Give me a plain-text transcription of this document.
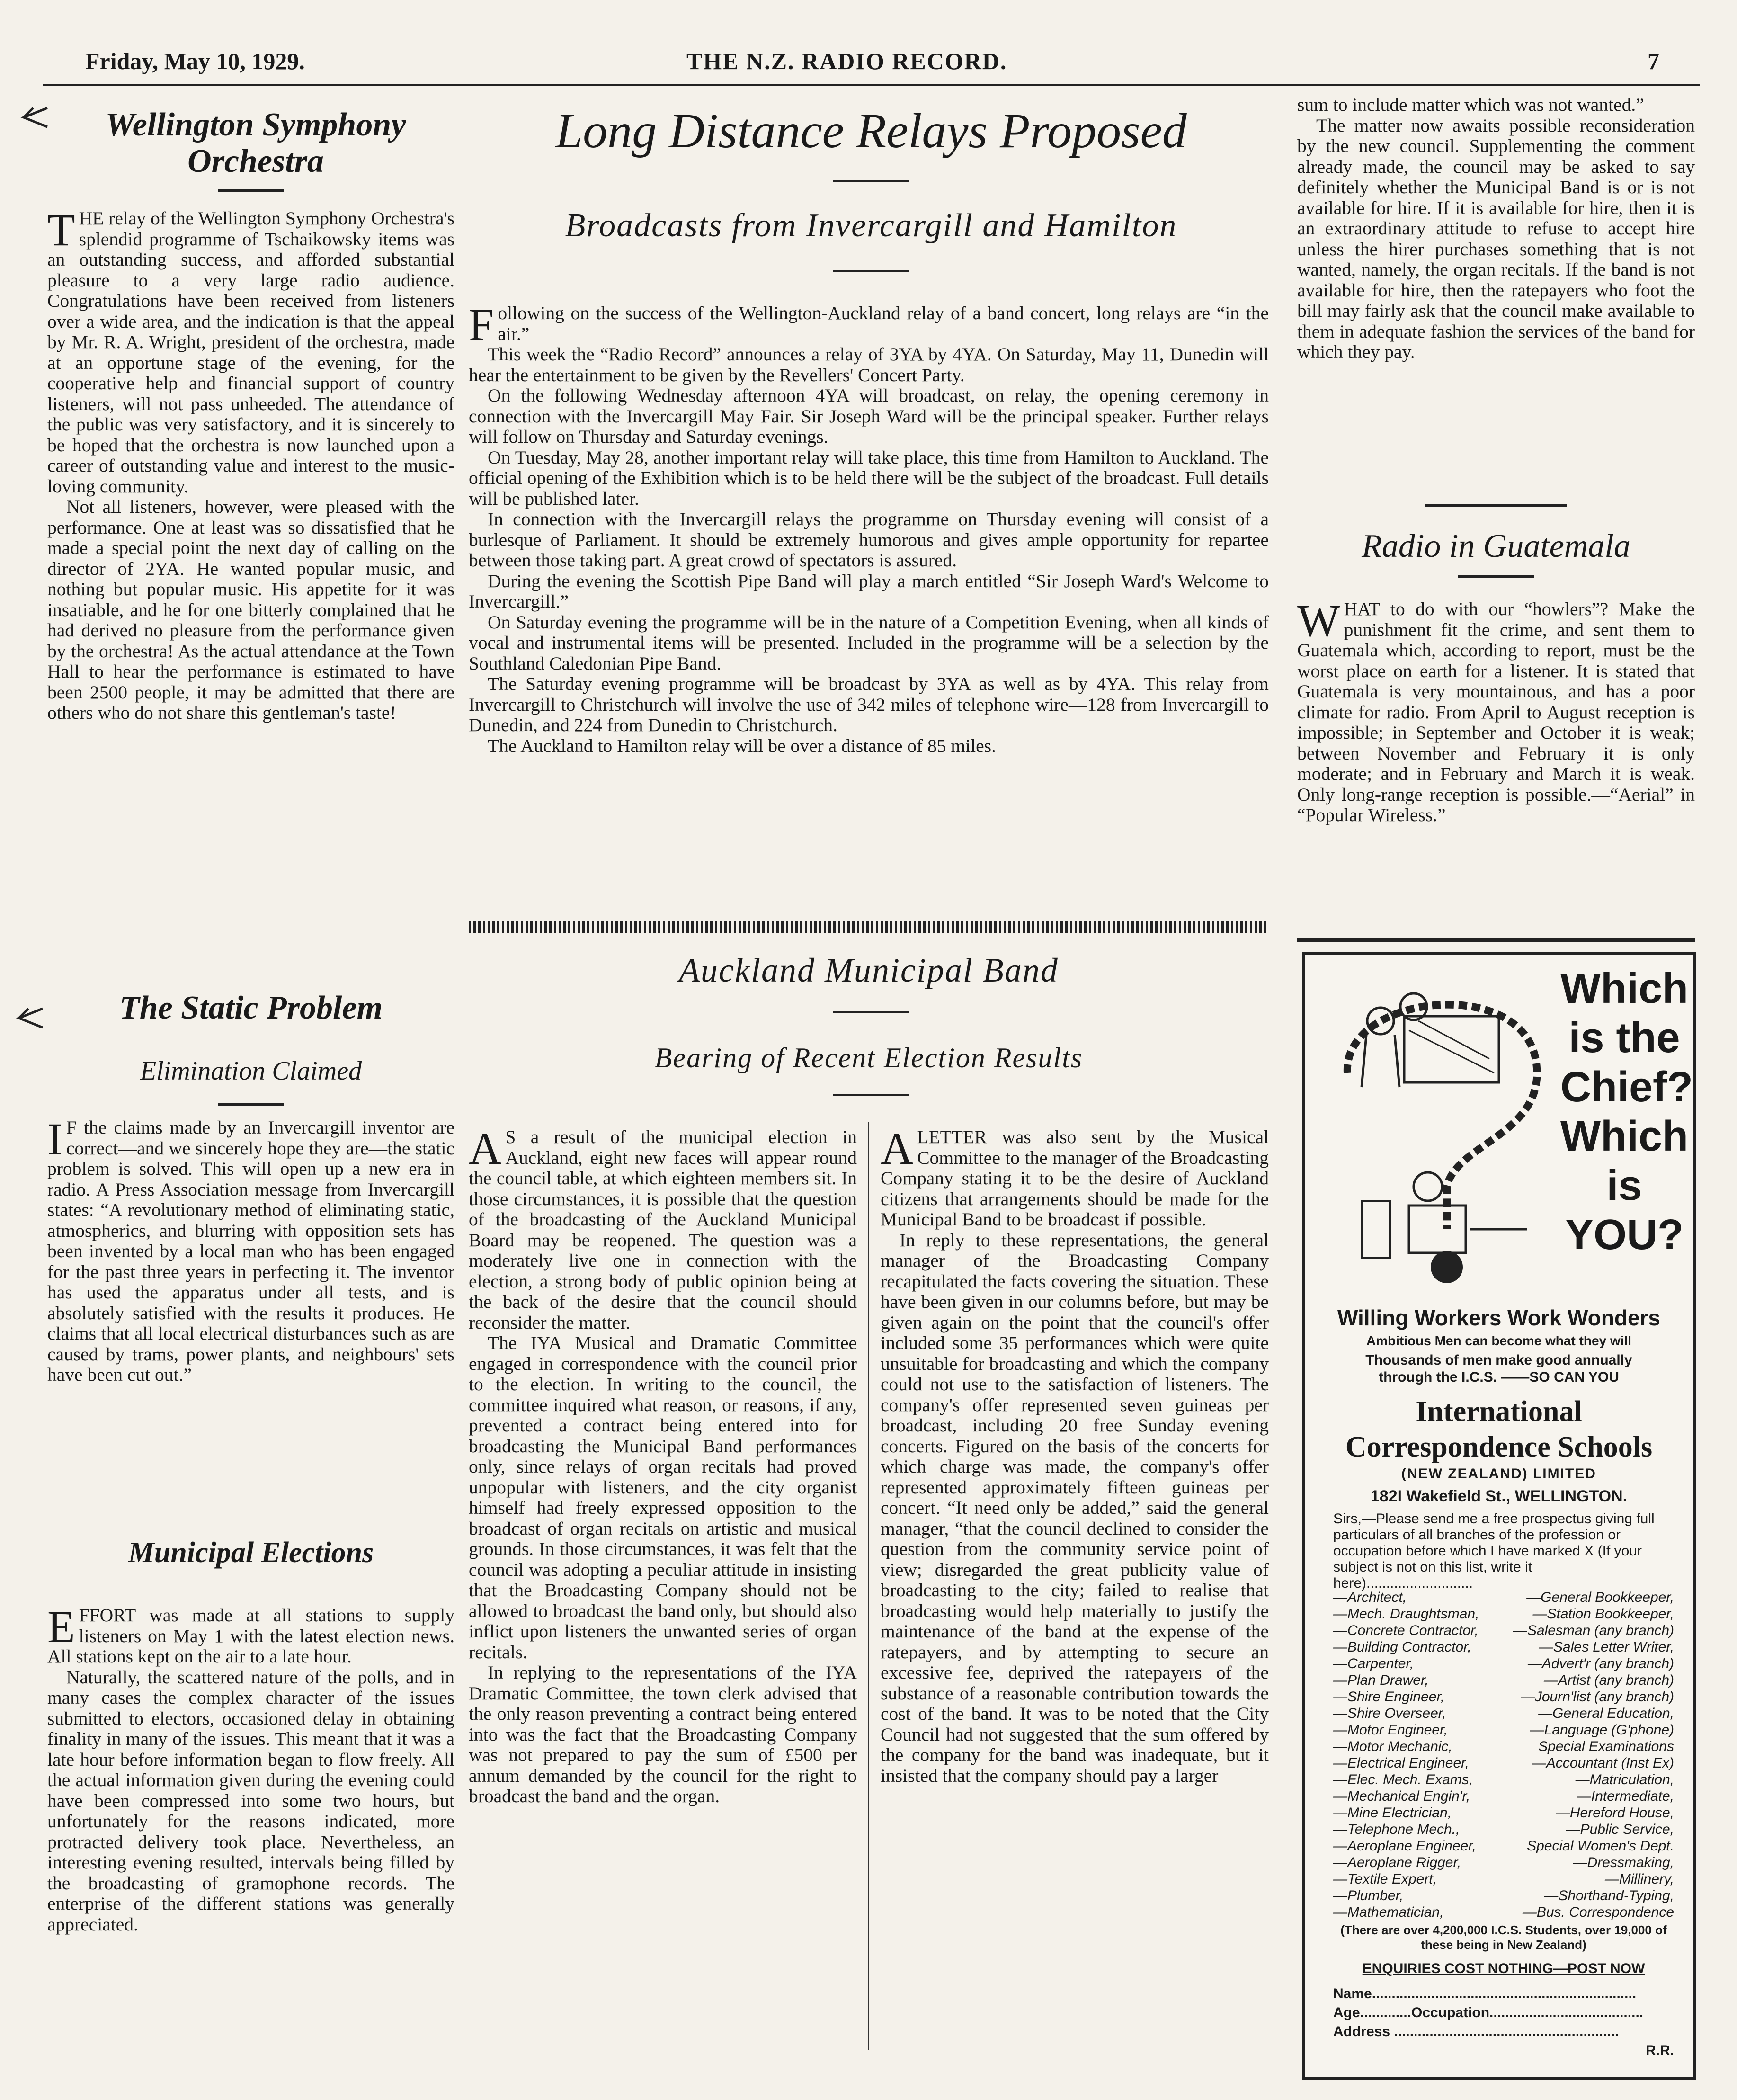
Friday, May 10, 1929.	THE N.Z. RADIO RECORD.	7
Wellington Symphony Orchestra
T HE relay of the Wellington Symphony Orchestra's splendid programme of Tschaikowsky items was an outstanding success, and afforded substantial pleasure to a very large radio audience. Congratulations have been received from listeners over a wide area, and the indication is that the appeal by Mr. R. A. Wright, president of the orchestra, made at an opportune stage of the evening, for the cooperative help and financial support of country listeners, will not pass unheeded. The attendance of the public was very satisfactory, and it is sincerely to be hoped that the orchestra is now launched upon a career of outstanding value and interest to the music-loving community.

Not all listeners, however, were pleased with the performance. One at least was so dissatisfied that he made a special point the next day of calling on the director of 2YA. He wanted popular music, and nothing but popular music. His appetite for it was insatiable, and he for one bitterly complained that he had derived no pleasure from the performance given by the orchestra! As the actual attendance at the Town Hall to hear the performance is estimated to have been 2500 people, it may be admitted that there are others who do not share this gentleman's taste!

The Static Problem
Elimination Claimed
I F the claims made by an Invercargill inventor are correct—and we sincerely hope they are—the static problem is solved. This will open up a new era in radio. A Press Association message from Invercargill states: “A revolutionary method of eliminating static, atmospherics, and blurring with opposition sets has been invented by a local man who has been engaged for the past three years in perfecting it. The inventor has used the apparatus under all tests, and is absolutely satisfied with the results it produces. He claims that all local electrical disturbances such as are caused by trams, power plants, and neighbours' sets have been cut out.”

Municipal Elections
E FFORT was made at all stations to supply listeners on May 1 with the latest election news. All stations kept on the air to a late hour.

Naturally, the scattered nature of the polls, and in many cases the complex character of the issues submitted to electors, occasioned delay in obtaining finality in many of the issues. This meant that it was a late hour before information began to flow freely. All the actual information given during the evening could have been compressed into some two hours, but unfortunately for the reasons indicated, more protracted delivery took place. Nevertheless, an interesting evening resulted, intervals being filled by the broadcasting of gramophone records. The enterprise of the different stations was generally appreciated.

Long Distance Relays Proposed
Broadcasts from Invercargill and Hamilton
F ollowing on the success of the Wellington-Auckland relay of a band concert, long relays are “in the air.”

This week the “Radio Record” announces a relay of 3YA by 4YA. On Saturday, May 11, Dunedin will hear the entertainment to be given by the Revellers' Concert Party.

On the following Wednesday afternoon 4YA will broadcast, on relay, the opening ceremony in connection with the Invercargill May Fair. Sir Joseph Ward will be the principal speaker. Further relays will follow on Thursday and Saturday evenings.

On Tuesday, May 28, another important relay will take place, this time from Hamilton to Auckland. The official opening of the Exhibition which is to be held there will be the subject of the broadcast. Full details will be published later.

In connection with the Invercargill relays the programme on Thursday evening will consist of a burlesque of Parliament. It should be extremely humorous and gives ample opportunity for repartee between those taking part. A great crowd of spectators is assured.

During the evening the Scottish Pipe Band will play a march entitled “Sir Joseph Ward's Welcome to Invercargill.”

On Saturday evening the programme will be in the nature of a Competition Evening, when all kinds of vocal and instrumental items will be presented. Included in the programme will be a selection by the Southland Caledonian Pipe Band.

The Saturday evening programme will be broadcast by 3YA as well as by 4YA. This relay from Invercargill to Christchurch will involve the use of 342 miles of telephone wire—128 from Invercargill to Dunedin, and 224 from Dunedin to Christchurch.

The Auckland to Hamilton relay will be over a distance of 85 miles.

Auckland Municipal Band
Bearing of Recent Election Results
A S a result of the municipal election in Auckland, eight new faces will appear round the council table, at which eighteen members sit. In those circumstances, it is possible that the question of the broadcasting of the Auckland Municipal Board may be reopened. The question was a moderately live one in connection with the election, a strong body of public opinion being at the back of the desire that the council should reconsider the matter.

The IYA Musical and Dramatic Committee engaged in correspondence with the council prior to the election. In writing to the council, the committee inquired what reason, or reasons, if any, prevented a contract being entered into for broadcasting the Municipal Band performances only, since relays of organ recitals had proved unpopular with listeners, and the city organist himself had freely expressed opposition to the broadcast of organ recitals on artistic and musical grounds. In those circumstances, it was felt that the council was adopting a peculiar attitude in insisting that the Broadcasting Company should not be allowed to broadcast the band only, but should also inflict upon listeners the unwanted series of organ recitals.

In replying to the representations of the IYA Dramatic Committee, the town clerk advised that the only reason preventing a contract being entered into was the fact that the Broadcasting Company was not prepared to pay the sum of £500 per annum demanded by the council for the right to broadcast the band and the organ.

A LETTER was also sent by the Musical Committee to the manager of the Broadcasting Company stating it to be the desire of Auckland citizens that arrangements should be made for the Municipal Band to be broadcast if possible.

In reply to these representations, the general manager of the Broadcasting Company recapitulated the facts covering the situation. These have been given in our columns before, but may be given again on the point that the council's offer included some 35 performances which were quite unsuitable for broadcasting and which the company could not use to the satisfaction of listeners. The company's offer represented seven guineas per broadcast, including 20 free Sunday evening concerts. Figured on the basis of the concerts for which charge was made, the company's offer represented approximately fifteen guineas per concert. “It need only be added,” said the general manager, “that the council declined to consider the question from the community service point of view; disregarded the great publicity value of broadcasting to the city; failed to realise that broadcasting would help materially to justify the maintenance of the band at the expense of the ratepayers, and by attempting to secure an excessive fee, deprived the ratepayers of the substance of a reasonable contribution towards the cost of the band. It was to be noted that the City Council had not suggested that the sum offered by the company for the band was inadequate, but it insisted that the company should pay a larger

sum to include matter which was not wanted.”

The matter now awaits possible reconsideration by the new council. Supplementing the comment already made, the council may be asked to say definitely whether the Municipal Band is or is not available for hire. If it is available for hire, then it is an extraordinary attitude to refuse to accept hire unless the hirer purchases something that is not wanted, namely, the organ recitals. If the band is not available for hire, then the ratepayers who foot the bill may fairly ask that the council make available to them in adequate fashion the services of the band for which they pay.

Radio in Guatemala
W HAT to do with our “howlers”? Make the punishment fit the crime, and sent them to Guatemala which, according to report, must be the worst place on earth for a listener. It is stated that Guatemala is very mountainous, and has a poor climate for radio. From April to August reception is impossible; in September and October it is weak; between November and February it is only moderate; and in February and March it is weak. Only long-range reception is possible.—“Aerial” in “Popular Wireless.”

Which
is the
Chief?
Which
is
YOU?
Willing Workers Work Wonders
Ambitious Men can become what they will
Thousands of men make good annually
through the I.C.S. ——SO CAN YOU
International
Correspondence Schools
(NEW ZEALAND) LIMITED
182I Wakefield St., WELLINGTON.
Sirs,—Please send me a free prospectus giving full particulars of all branches of the profession or occupation before which I have marked X (If your subject is not on this list, write it here)...........................
—Architect,	—General Bookkeeper,
—Mech. Draughtsman,	—Station Bookkeeper,
—Concrete Contractor, —Salesman (any branch)
—Building Contractor,	—Sales Letter Writer,
—Carpenter,	—Advert'r (any branch)
—Plan Drawer,	—Artist (any branch)
—Shire Engineer,	—Journ'list (any branch)
—Shire Overseer,	—General Education,
—Motor Engineer,	—Language (G'phone)
—Motor Mechanic,	Special Examinations
—Electrical Engineer,	—Accountant (Inst Ex)
—Elec. Mech. Exams,	—Matriculation,
—Mechanical Engin'r,	—Intermediate,
—Mine Electrician,	—Hereford House,
—Telephone Mech.,	—Public Service,
—Aeroplane Engineer,	Special Women's Dept.
—Aeroplane Rigger,	—Dressmaking,
—Textile Expert,	—Millinery,
—Plumber,	—Shorthand-Typing,
—Mathematician,	—Bus. Correspondence
(There are over 4,200,000 I.C.S. Students, over 19,000 of these being in New Zealand)
ENQUIRIES COST NOTHING—POST NOW
Name...................................................................
Age.............Occupation.......................................
Address .........................................................
R.R.
